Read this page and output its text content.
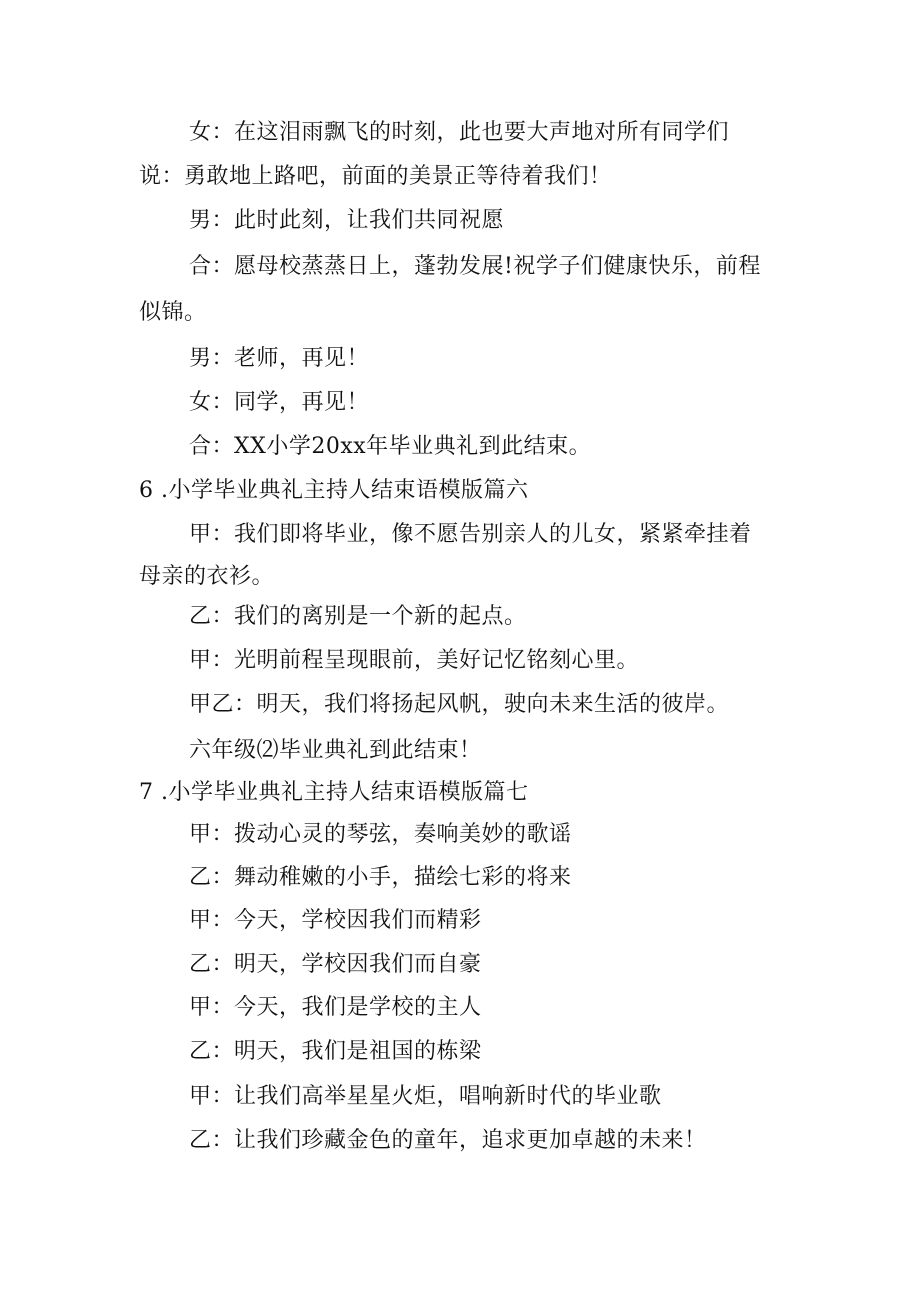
女：在这泪雨飘飞的时刻，此也要大声地对所有同学们
说：勇敢地上路吧，前面的美景正等待着我们！
男：此时此刻，让我们共同祝愿
合：愿母校蒸蒸日上，蓬勃发展!祝学子们健康快乐，前程
似锦。
男：老师，再见！
女：同学，再见！
合：XX小学20xx年毕业典礼到此结束。
6 .小学毕业典礼主持人结束语模版篇六
甲：我们即将毕业，像不愿告别亲人的儿女，紧紧牵挂着
母亲的衣衫。
乙：我们的离别是一个新的起点。
甲：光明前程呈现眼前，美好记忆铭刻心里。
甲乙：明天，我们将扬起风帆，驶向未来生活的彼岸。
六年级⑵毕业典礼到此结束！
7 .小学毕业典礼主持人结束语模版篇七
甲：拨动心灵的琴弦，奏响美妙的歌谣
乙：舞动稚嫩的小手，描绘七彩的将来
甲：今天，学校因我们而精彩
乙：明天，学校因我们而自豪
甲：今天，我们是学校的主人
乙：明天，我们是祖国的栋梁
甲：让我们高举星星火炬，唱响新时代的毕业歌
乙：让我们珍藏金色的童年，追求更加卓越的未来！
